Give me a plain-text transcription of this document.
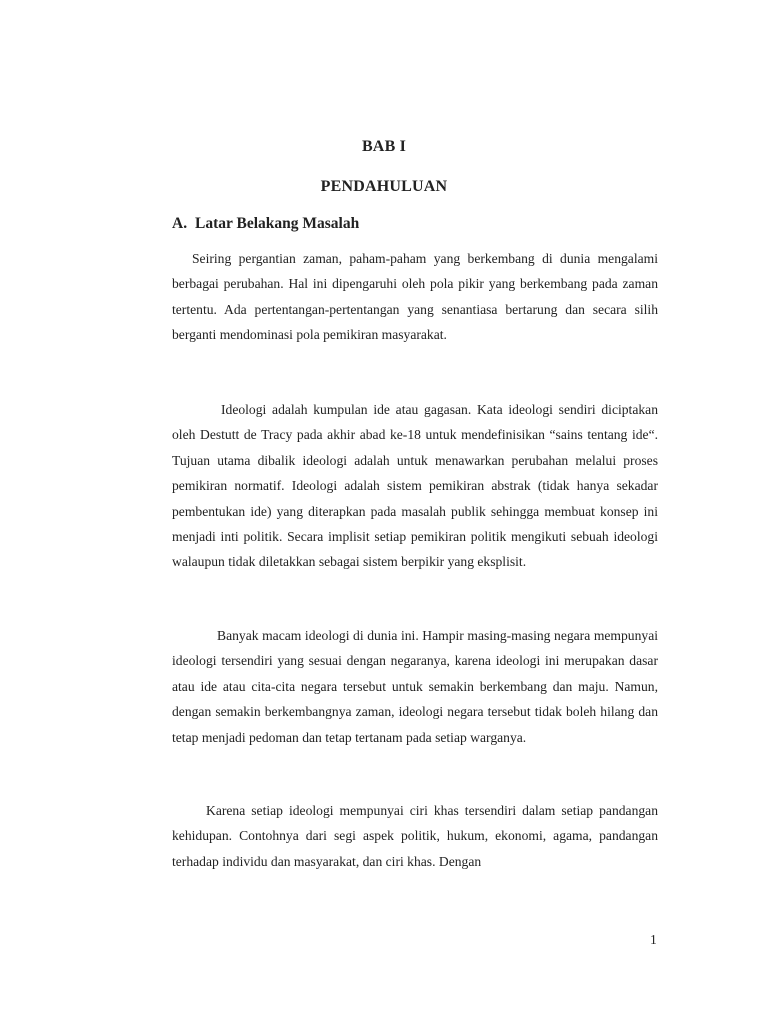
BAB I
PENDAHULUAN
A. Latar Belakang Masalah

Seiring pergantian zaman, paham-paham yang berkembang di dunia mengalami berbagai perubahan. Hal ini dipengaruhi oleh pola pikir yang berkembang pada zaman tertentu. Ada pertentangan-pertentangan yang senantiasa bertarung dan secara silih berganti mendominasi pola pemikiran masyarakat.

Ideologi adalah kumpulan ide atau gagasan. Kata ideologi sendiri diciptakan oleh Destutt de Tracy pada akhir abad ke-18 untuk mendefinisikan “sains tentang ide“. Tujuan utama dibalik ideologi adalah untuk menawarkan perubahan melalui proses pemikiran normatif. Ideologi adalah sistem pemikiran abstrak (tidak hanya sekadar pembentukan ide) yang diterapkan pada masalah publik sehingga membuat konsep ini menjadi inti politik. Secara implisit setiap pemikiran politik mengikuti sebuah ideologi walaupun tidak diletakkan sebagai sistem berpikir yang eksplisit.

Banyak macam ideologi di dunia ini. Hampir masing-masing negara mempunyai ideologi tersendiri yang sesuai dengan negaranya, karena ideologi ini merupakan dasar atau ide atau cita-cita negara tersebut untuk semakin berkembang dan maju. Namun, dengan semakin berkembangnya zaman, ideologi negara tersebut tidak boleh hilang dan tetap menjadi pedoman dan tetap tertanam pada setiap warganya.

Karena setiap ideologi mempunyai ciri khas tersendiri dalam setiap pandangan kehidupan. Contohnya dari segi aspek politik, hukum, ekonomi, agama, pandangan terhadap individu dan masyarakat, dan ciri khas. Dengan

1
